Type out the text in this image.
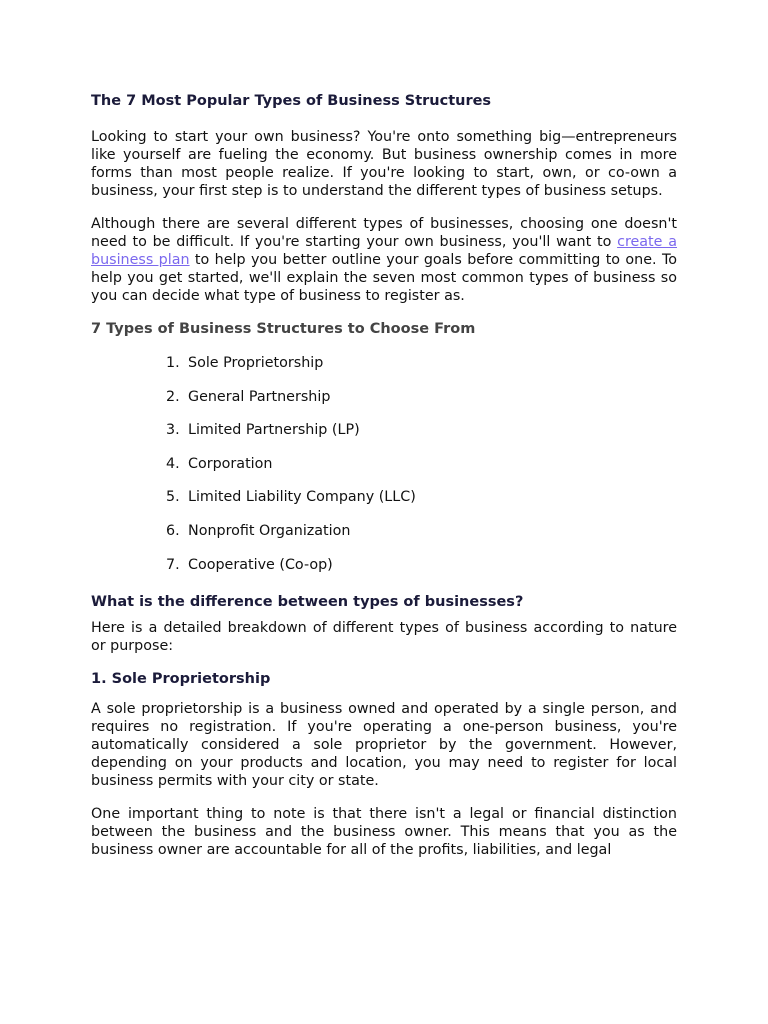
The 7 Most Popular Types of Business Structures

Looking to start your own business? You're onto something big—entrepreneurs like yourself are fueling the economy. But business ownership comes in more forms than most people realize. If you're looking to start, own, or co-own a business, your first step is to understand the different types of business setups.

Although there are several different types of businesses, choosing one doesn't need to be difficult. If you're starting your own business, you'll want to create a business plan to help you better outline your goals before committing to one. To help you get started, we'll explain the seven most common types of business so you can decide what type of business to register as.

7 Types of Business Structures to Choose From
1. Sole Proprietorship
2. General Partnership
3. Limited Partnership (LP)
4. Corporation
5. Limited Liability Company (LLC)
6. Nonprofit Organization
7. Cooperative (Co-op)
What is the difference between types of businesses?

Here is a detailed breakdown of different types of business according to nature or purpose:

1. Sole Proprietorship

A sole proprietorship is a business owned and operated by a single person, and requires no registration. If you're operating a one-person business, you're automatically considered a sole proprietor by the government. However, depending on your products and location, you may need to register for local business permits with your city or state.

One important thing to note is that there isn't a legal or financial distinction between the business and the business owner. This means that you as the business owner are accountable for all of the profits, liabilities, and legal
